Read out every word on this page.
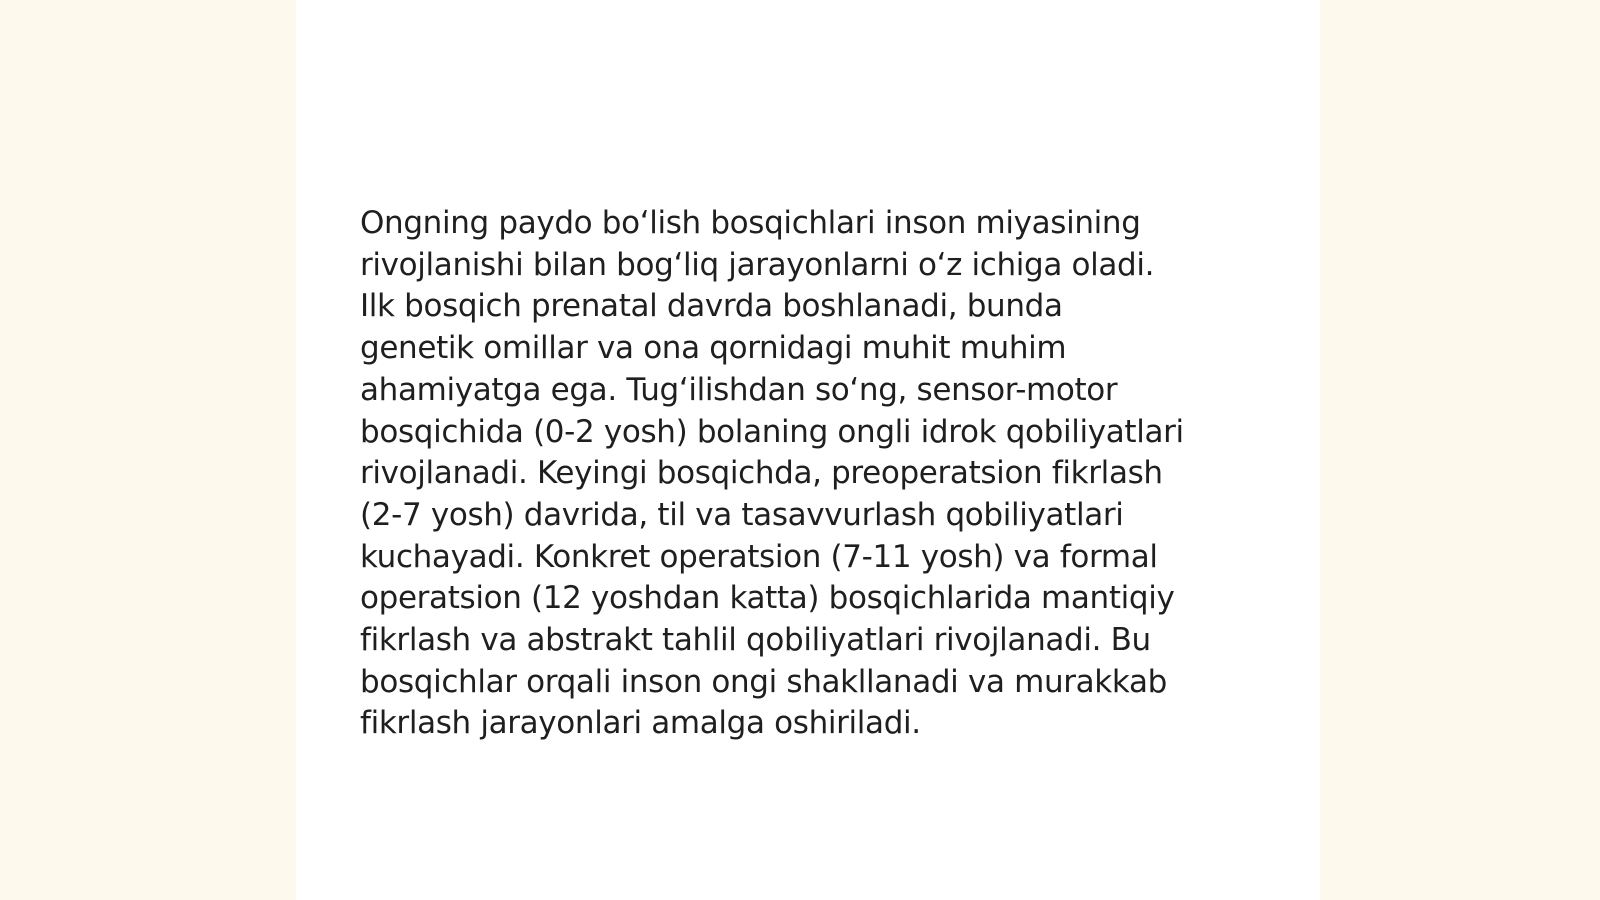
Ongning paydo boʻlish bosqichlari inson miyasining
rivojlanishi bilan bogʻliq jarayonlarni oʻz ichiga oladi.
Ilk bosqich prenatal davrda boshlanadi, bunda
genetik omillar va ona qornidagi muhit muhim
ahamiyatga ega. Tugʻilishdan soʻng, sensor-motor
bosqichida (0-2 yosh) bolaning ongli idrok qobiliyatlari
rivojlanadi. Keyingi bosqichda, preoperatsion fikrlash
(2-7 yosh) davrida, til va tasavvurlash qobiliyatlari
kuchayadi. Konkret operatsion (7-11 yosh) va formal
operatsion (12 yoshdan katta) bosqichlarida mantiqiy
fikrlash va abstrakt tahlil qobiliyatlari rivojlanadi. Bu
bosqichlar orqali inson ongi shakllanadi va murakkab
fikrlash jarayonlari amalga oshiriladi.
